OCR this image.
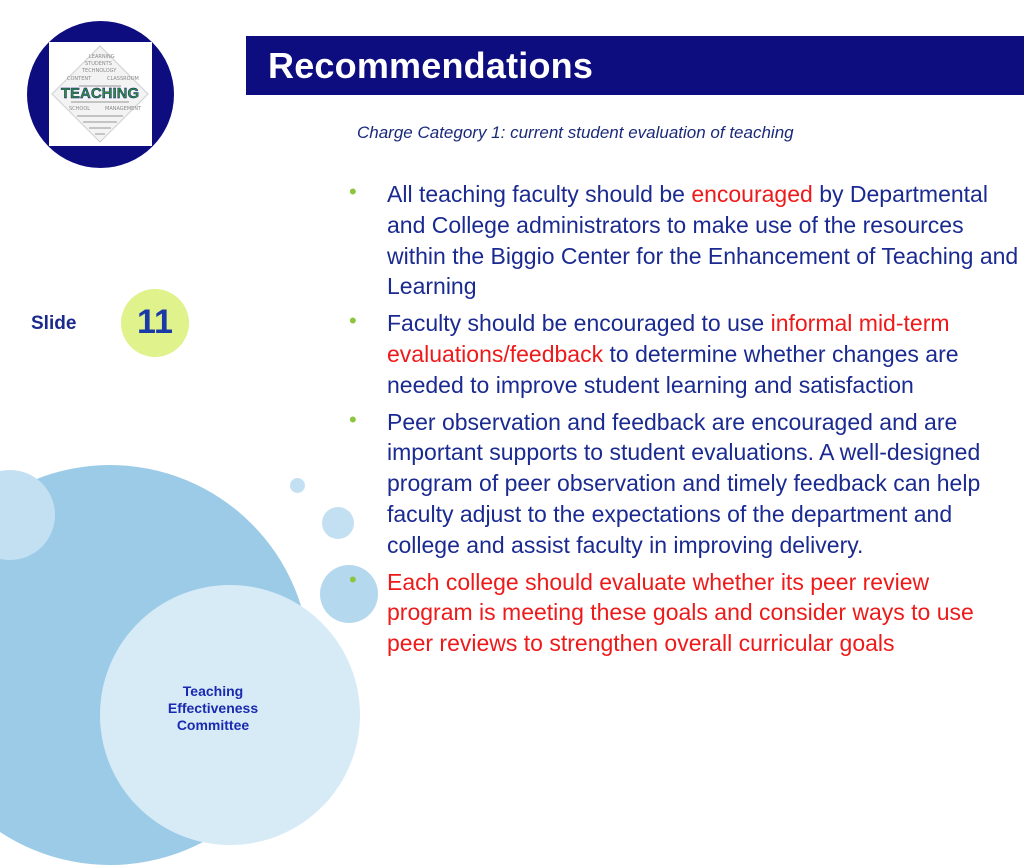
LEARNING
STUDENTS
TECHNOLOGY
CONTENT	CLASSROOM
SCHOOL	MANAGEMENT
TEACHING
Recommendations
Charge Category 1: current student evaluation of teaching
Slide	11
• All teaching faculty should be encouraged by Departmental and College administrators to make use of the resources within the Biggio Center for the Enhancement of Teaching and Learning
• Faculty should be encouraged to use informal mid-term evaluations/feedback to determine whether changes are needed to improve student learning and satisfaction
• Peer observation and feedback are encouraged and are important supports to student evaluations. A well-designed program of peer observation and timely feedback can help faculty adjust to the expectations of the department and college and assist faculty in improving delivery.
• Each college should evaluate whether its peer review program is meeting these goals and consider ways to use peer reviews to strengthen overall curricular goals
Teaching
Effectiveness
Committee
